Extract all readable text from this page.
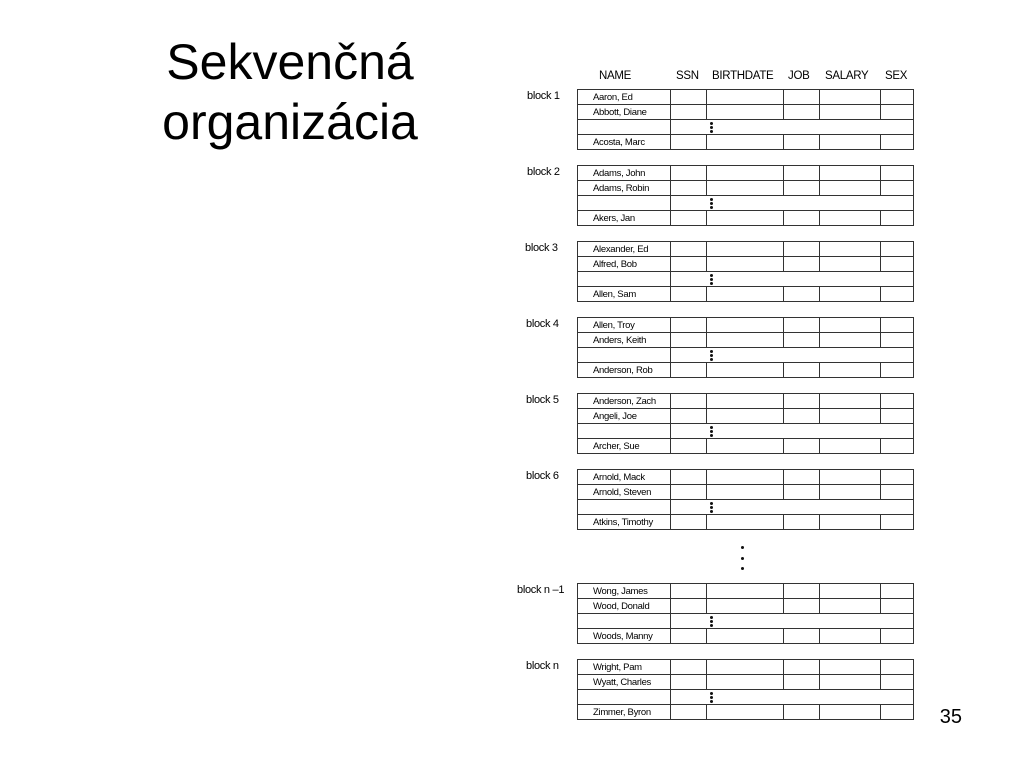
Sekvenčná
organizácia
35
NAME	SSN BIRTHDATE JOB SALARY SEX
block 1	Aaron, Ed
Abbott, Diane
Acosta, Marc
block 2	Adams, John
Adams, Robin
Akers, Jan
block 3	Alexander, Ed
Alfred, Bob
Allen, Sam
block 4	Allen, Troy
Anders, Keith
Anderson, Rob
block 5	Anderson, Zach
Angeli, Joe
Archer, Sue
block 6	Arnold, Mack
Arnold, Steven
Atkins, Timothy
block n –1	Wong, James
Wood, Donald
Woods, Manny
block n	Wright, Pam
Wyatt, Charles
Zimmer, Byron
